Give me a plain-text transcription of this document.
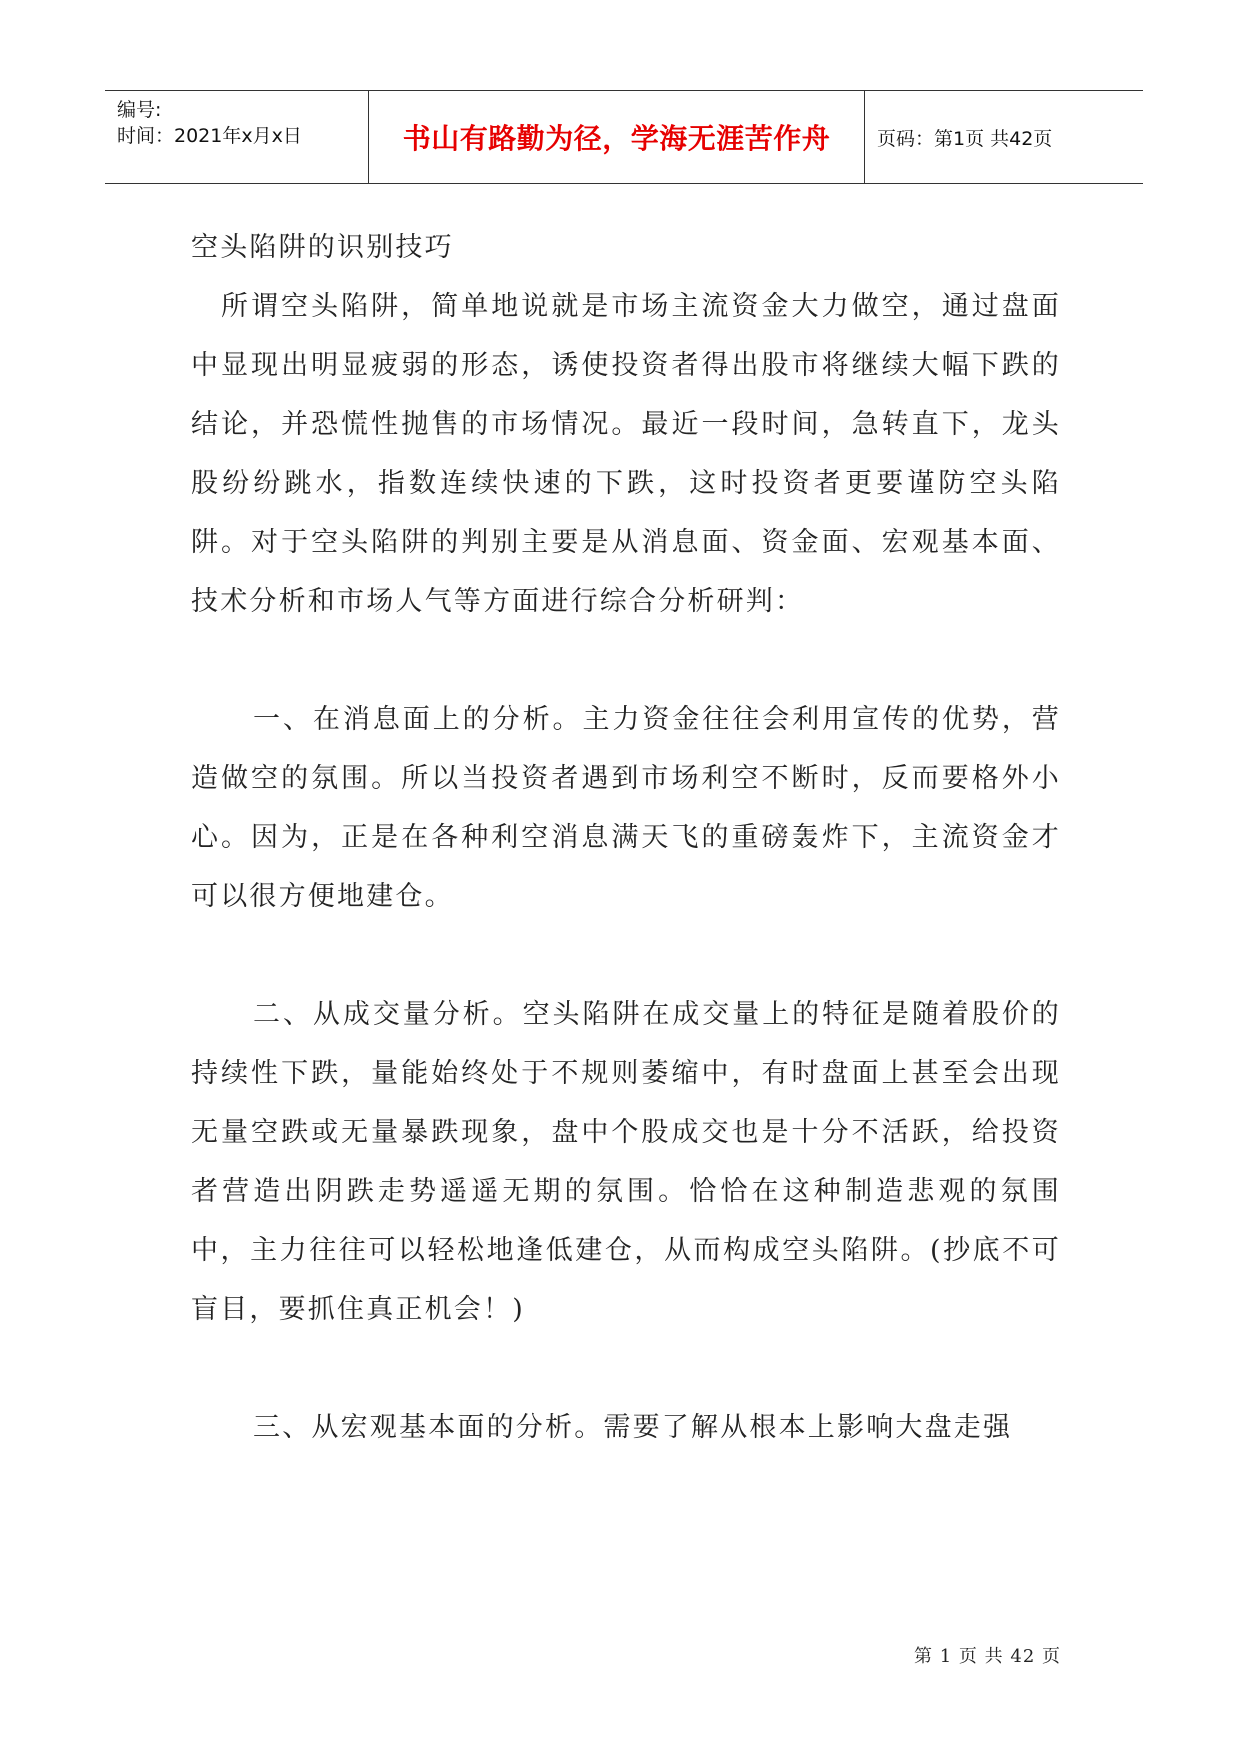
编号:
时间：2021年x月x日	书山有路勤为径，学海无涯苦作舟 页码：第1页 共42页

空头陷阱的识别技巧

所谓空头陷阱，简单地说就是市场主流资金大力做空，通过盘面中显现出明显疲弱的形态，诱使投资者得出股市将继续大幅下跌的结论，并恐慌性抛售的市场情况。最近一段时间，急转直下，龙头股纷纷跳水，指数连续快速的下跌，这时投资者更要谨防空头陷阱。对于空头陷阱的判别主要是从消息面、资金面、宏观基本面、技术分析和市场人气等方面进行综合分析研判：

一、在消息面上的分析。主力资金往往会利用宣传的优势，营造做空的氛围。所以当投资者遇到市场利空不断时，反而要格外小心。因为，正是在各种利空消息满天飞的重磅轰炸下，主流资金才可以很方便地建仓。

二、从成交量分析。空头陷阱在成交量上的特征是随着股价的持续性下跌，量能始终处于不规则萎缩中，有时盘面上甚至会出现无量空跌或无量暴跌现象，盘中个股成交也是十分不活跃，给投资者营造出阴跌走势遥遥无期的氛围。恰恰在这种制造悲观的氛围中，主力往往可以轻松地逢低建仓，从而构成空头陷阱。(抄底不可盲目，要抓住真正机会！)

三、从宏观基本面的分析。需要了解从根本上影响大盘走强

第 1 页 共 42 页
